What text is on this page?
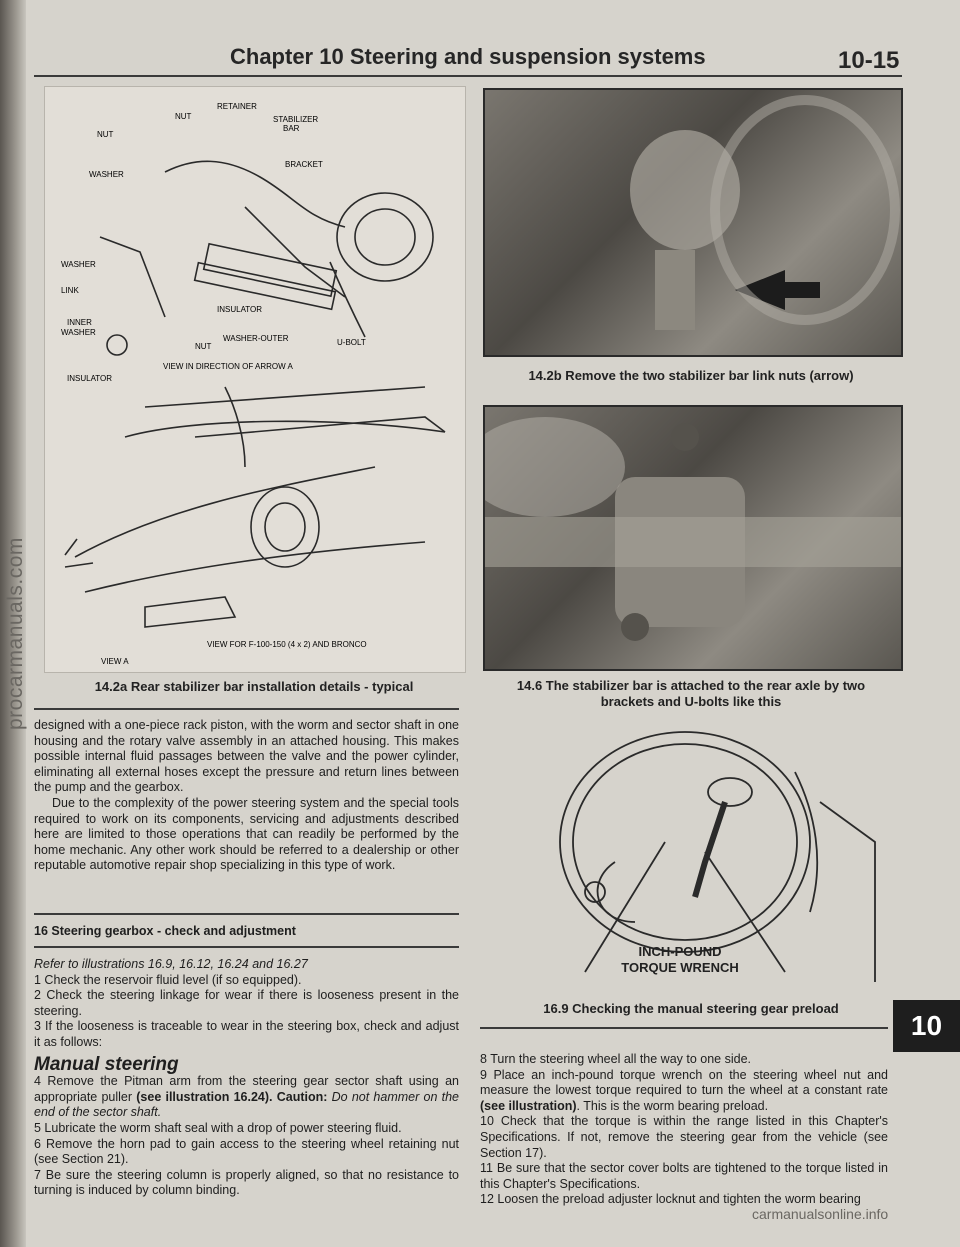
procarmanuals.com
Chapter 10 Steering and suspension systems	10-15
RETAINER
NUT	STABILIZER
BAR
NUT
BRACKET
WASHER
WASHER
LINK
INSULATOR
INNER
WASHER
NUT
WASHER-OUTER	U-BOLT
INSULATOR
VIEW IN DIRECTION OF ARROW A
VIEW FOR F-100-150 (4 x 2) AND BRONCO
VIEW A
14.2a Rear stabilizer bar installation details - typical
14.2b Remove the two stabilizer bar link nuts (arrow)
14.6 The stabilizer bar is attached to the rear axle by two
brackets and U-bolts like this
INCH-POUND
TORQUE WRENCH
16.9 Checking the manual steering gear preload

designed with a one-piece rack piston, with the worm and sector shaft in one housing and the rotary valve assembly in an attached housing. This makes possible internal fluid passages between the valve and the power cylinder, eliminating all external hoses except the pressure and return lines between the pump and the gearbox.

Due to the complexity of the power steering system and the special tools required to work on its components, servicing and adjustments described here are limited to those operations that can readily be performed by the home mechanic. Any other work should be referred to a dealership or other reputable automotive repair shop specializing in this type of work.

16 Steering gearbox - check and adjustment

Refer to illustrations 16.9, 16.12, 16.24 and 16.27

1 Check the reservoir fluid level (if so equipped).

2 Check the steering linkage for wear if there is looseness present in the steering.

3 If the looseness is traceable to wear in the steering box, check and adjust it as follows:

Manual steering

4 Remove the Pitman arm from the steering gear sector shaft using an appropriate puller (see illustration 16.24). Caution: Do not hammer on the end of the sector shaft.

5 Lubricate the worm shaft seal with a drop of power steering fluid.

6 Remove the horn pad to gain access to the steering wheel retaining nut (see Section 21).

7 Be sure the steering column is properly aligned, so that no resistance to turning is induced by column binding.

8 Turn the steering wheel all the way to one side.

9 Place an inch-pound torque wrench on the steering wheel nut and measure the lowest torque required to turn the wheel at a constant rate (see illustration). This is the worm bearing preload.

10 Check that the torque is within the range listed in this Chapter's Specifications. If not, remove the steering gear from the vehicle (see Section 17).

11 Be sure that the sector cover bolts are tightened to the torque listed in this Chapter's Specifications.

12 Loosen the preload adjuster locknut and tighten the worm bearing

10
carmanualsonline.info
